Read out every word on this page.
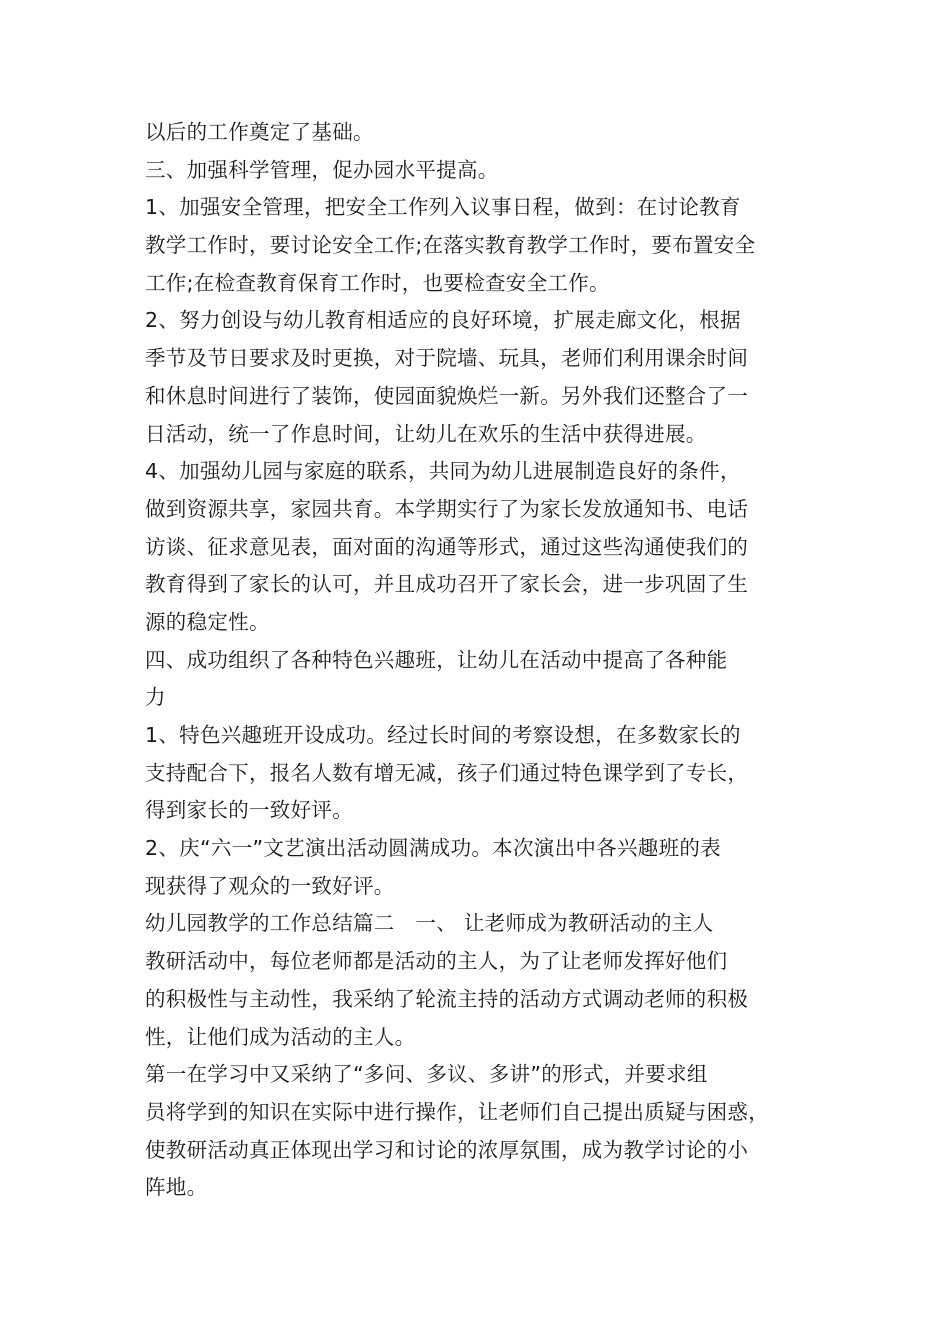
以后的工作奠定了基础。
三、加强科学管理，促办园水平提高。
1、加强安全管理，把安全工作列入议事日程，做到：在讨论教育
教学工作时，要讨论安全工作;在落实教育教学工作时，要布置安全
工作;在检查教育保育工作时，也要检查安全工作。
2、努力创设与幼儿教育相适应的良好环境，扩展走廊文化，根据
季节及节日要求及时更换，对于院墙、玩具，老师们利用课余时间
和休息时间进行了装饰，使园面貌焕烂一新。另外我们还整合了一
日活动，统一了作息时间，让幼儿在欢乐的生活中获得进展。
4、加强幼儿园与家庭的联系，共同为幼儿进展制造良好的条件，
做到资源共享，家园共育。本学期实行了为家长发放通知书、电话
访谈、征求意见表，面对面的沟通等形式，通过这些沟通使我们的
教育得到了家长的认可，并且成功召开了家长会，进一步巩固了生
源的稳定性。
四、成功组织了各种特色兴趣班，让幼儿在活动中提高了各种能
力
1、特色兴趣班开设成功。经过长时间的考察设想，在多数家长的
支持配合下，报名人数有增无减，孩子们通过特色课学到了专长，
得到家长的一致好评。
2、庆“六一”文艺演出活动圆满成功。本次演出中各兴趣班的表
现获得了观众的一致好评。
幼儿园教学的工作总结篇二　一、 让老师成为教研活动的主人
教研活动中，每位老师都是活动的主人，为了让老师发挥好他们
的积极性与主动性，我采纳了轮流主持的活动方式调动老师的积极
性，让他们成为活动的主人。
第一在学习中又采纳了“多问、多议、多讲”的形式，并要求组
员将学到的知识在实际中进行操作，让老师们自己提出质疑与困惑，
使教研活动真正体现出学习和讨论的浓厚氛围，成为教学讨论的小
阵地。
